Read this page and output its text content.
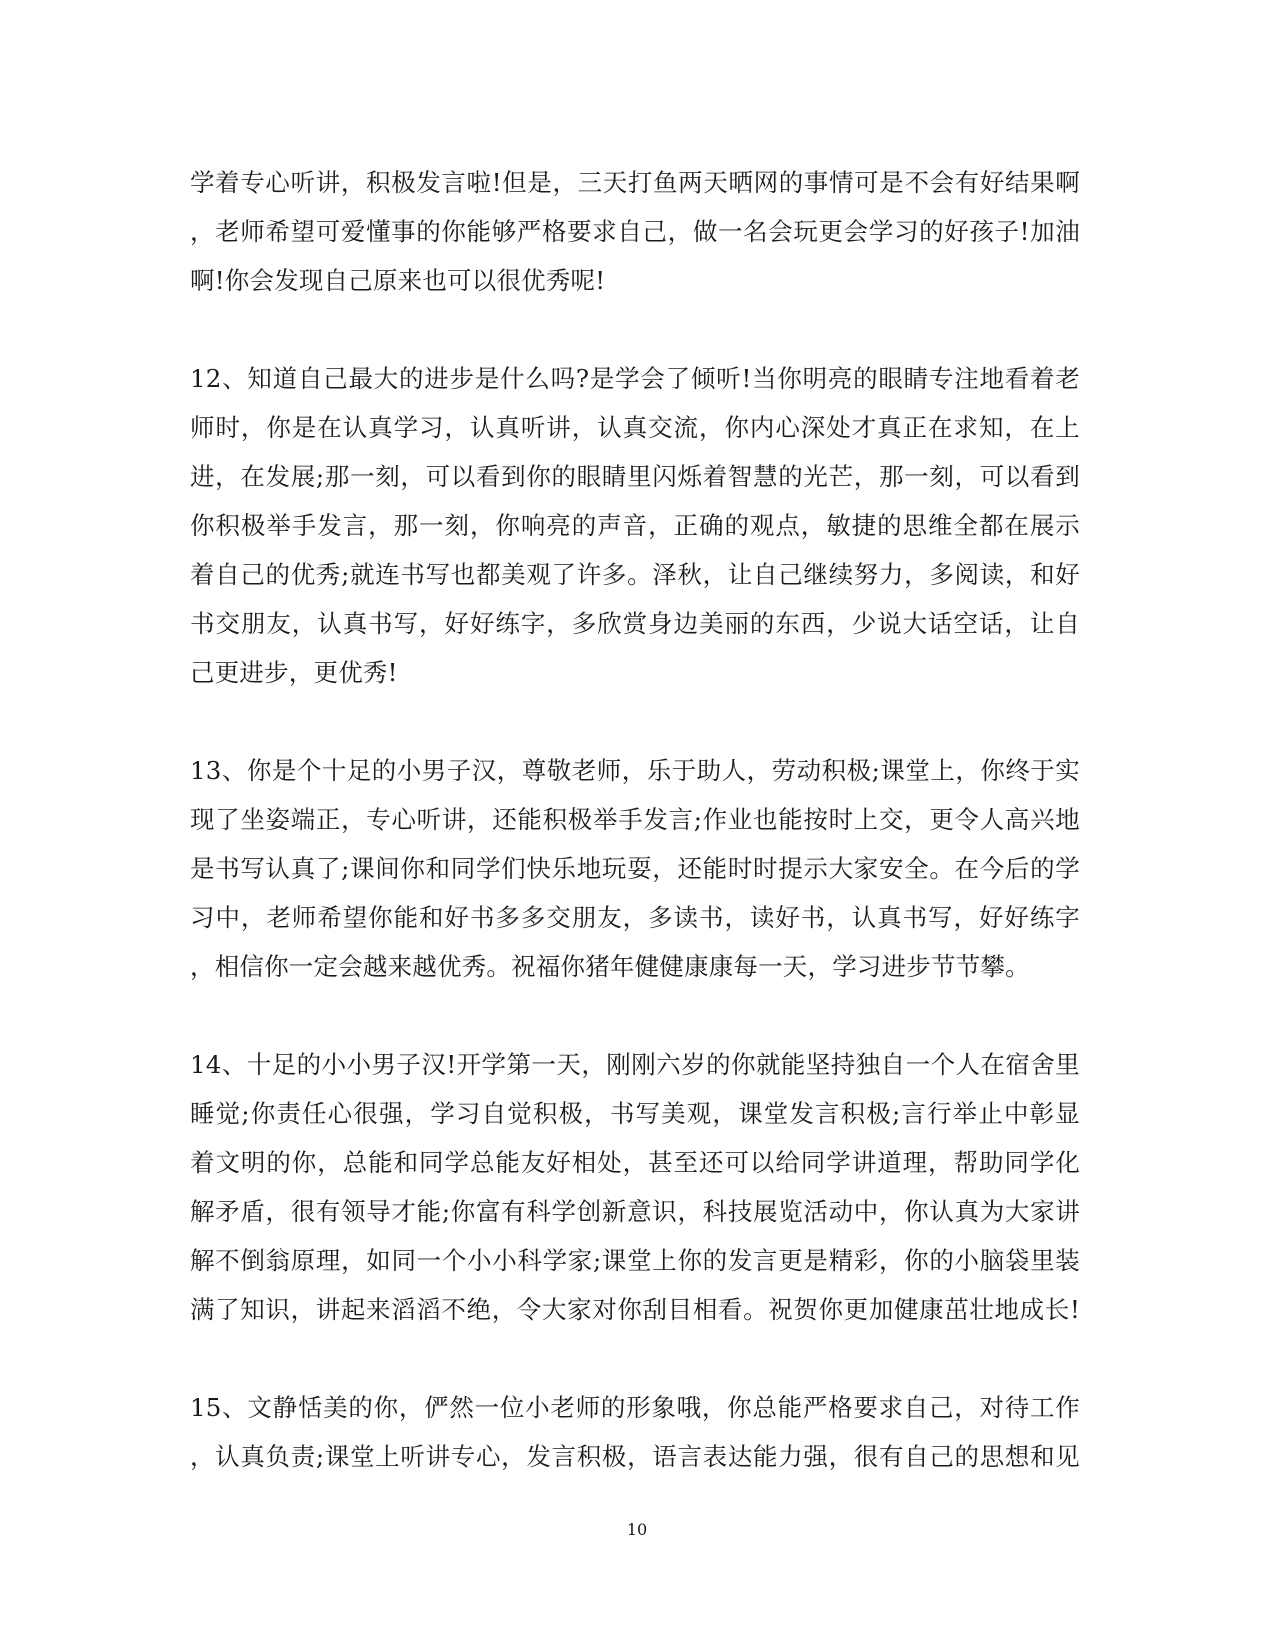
学着专心听讲，积极发言啦!但是，三天打鱼两天晒网的事情可是不会有好结果啊
，老师希望可爱懂事的你能够严格要求自己，做一名会玩更会学习的好孩子!加油
啊!你会发现自己原来也可以很优秀呢!

12、知道自己最大的进步是什么吗?是学会了倾听!当你明亮的眼睛专注地看着老
师时，你是在认真学习，认真听讲，认真交流，你内心深处才真正在求知，在上
进，在发展;那一刻，可以看到你的眼睛里闪烁着智慧的光芒，那一刻，可以看到
你积极举手发言，那一刻，你响亮的声音，正确的观点，敏捷的思维全都在展示
着自己的优秀;就连书写也都美观了许多。泽秋，让自己继续努力，多阅读，和好
书交朋友，认真书写，好好练字，多欣赏身边美丽的东西，少说大话空话，让自
己更进步，更优秀!

13、你是个十足的小男子汉，尊敬老师，乐于助人，劳动积极;课堂上，你终于实
现了坐姿端正，专心听讲，还能积极举手发言;作业也能按时上交，更令人高兴地
是书写认真了;课间你和同学们快乐地玩耍，还能时时提示大家安全。在今后的学
习中，老师希望你能和好书多多交朋友，多读书，读好书，认真书写，好好练字
，相信你一定会越来越优秀。祝福你猪年健健康康每一天，学习进步节节攀。

14、十足的小小男子汉!开学第一天，刚刚六岁的你就能坚持独自一个人在宿舍里
睡觉;你责任心很强，学习自觉积极，书写美观，课堂发言积极;言行举止中彰显
着文明的你，总能和同学总能友好相处，甚至还可以给同学讲道理，帮助同学化
解矛盾，很有领导才能;你富有科学创新意识，科技展览活动中，你认真为大家讲
解不倒翁原理，如同一个小小科学家;课堂上你的发言更是精彩，你的小脑袋里装
满了知识，讲起来滔滔不绝，令大家对你刮目相看。祝贺你更加健康茁壮地成长!

15、文静恬美的你，俨然一位小老师的形象哦，你总能严格要求自己，对待工作
，认真负责;课堂上听讲专心，发言积极，语言表达能力强，很有自己的思想和见

10
